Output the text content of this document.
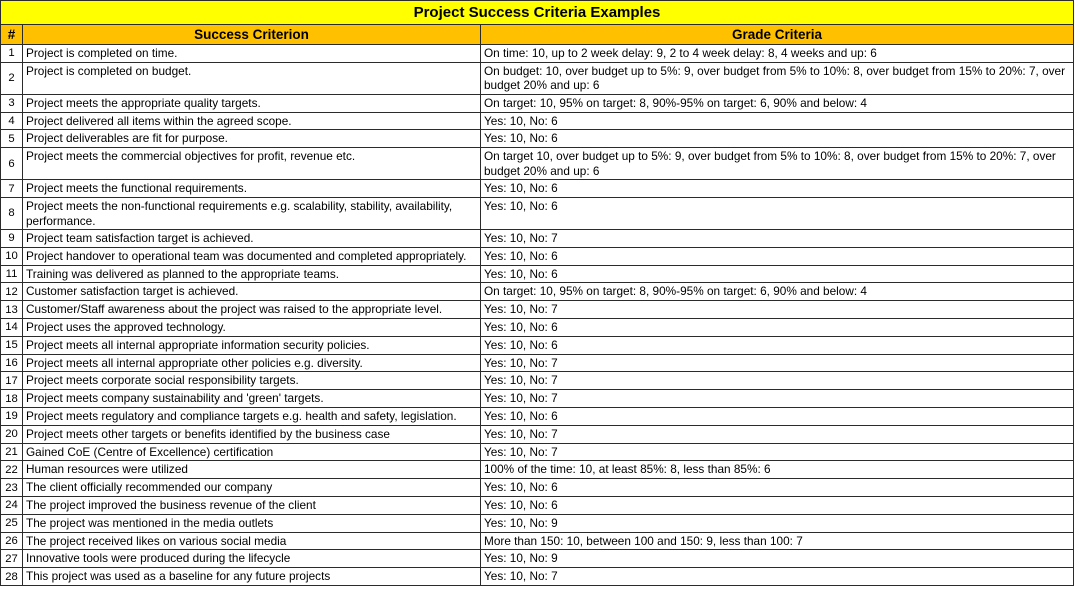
Project Success Criteria Examples		
#	Success Criterion	Grade Criteria
1	Project is completed on time.	On time: 10, up to 2 week delay: 9, 2 to 4 week delay: 8, 4 weeks and up: 6
2	Project is completed on budget.	On budget: 10, over budget up to 5%: 9, over budget from 5% to 10%: 8, over budget from 15% to 20%: 7, over budget 20% and up: 6
3	Project meets the appropriate quality targets.	On target: 10, 95% on target: 8, 90%-95% on target: 6, 90% and below: 4
4	Project delivered all items within the agreed scope.	Yes: 10, No: 6
5	Project deliverables are fit for purpose.	Yes: 10, No: 6
6	Project meets the commercial objectives for profit, revenue etc.	On target 10, over budget up to 5%: 9, over budget from 5% to 10%: 8, over budget from 15% to 20%: 7, over budget 20% and up: 6
7	Project meets the functional requirements.	Yes: 10, No: 6
8	Project meets the non-functional requirements e.g. scalability, stability, availability, performance.	Yes: 10, No: 6
9	Project team satisfaction target is achieved.	Yes: 10, No: 7
10	Project handover to operational team was documented and completed appropriately.	Yes: 10, No: 6
11	Training was delivered as planned to the appropriate teams.	Yes: 10, No: 6
12	Customer satisfaction target is achieved.	On target: 10, 95% on target: 8, 90%-95% on target: 6, 90% and below: 4
13	Customer/Staff awareness about the project was raised to the appropriate level.	Yes: 10, No: 7
14	Project uses the approved technology.	Yes: 10, No: 6
15	Project meets all internal appropriate information security policies.	Yes: 10, No: 6
16	Project meets all internal appropriate other policies e.g. diversity.	Yes: 10, No: 7
17	Project meets corporate social responsibility targets.	Yes: 10, No: 7
18	Project meets company sustainability and 'green' targets.	Yes: 10, No: 7
19	Project meets regulatory and compliance targets e.g. health and safety, legislation.	Yes: 10, No: 6
20	Project meets other targets or benefits identified by the business case	Yes: 10, No: 7
21	Gained CoE (Centre of Excellence) certification	Yes: 10, No: 7
22	Human resources were utilized	100% of the time: 10, at least 85%: 8, less than 85%: 6
23	The client officially recommended our company	Yes: 10, No: 6
24	The project improved the business revenue of the client	Yes: 10, No: 6
25	The project was mentioned in the media outlets	Yes: 10, No: 9
26	The project received likes on various social media	More than 150: 10, between 100 and 150: 9, less than 100: 7
27	Innovative tools were produced during the lifecycle	Yes: 10, No: 9
28	This project was used as a baseline for any future projects	Yes: 10, No: 7
